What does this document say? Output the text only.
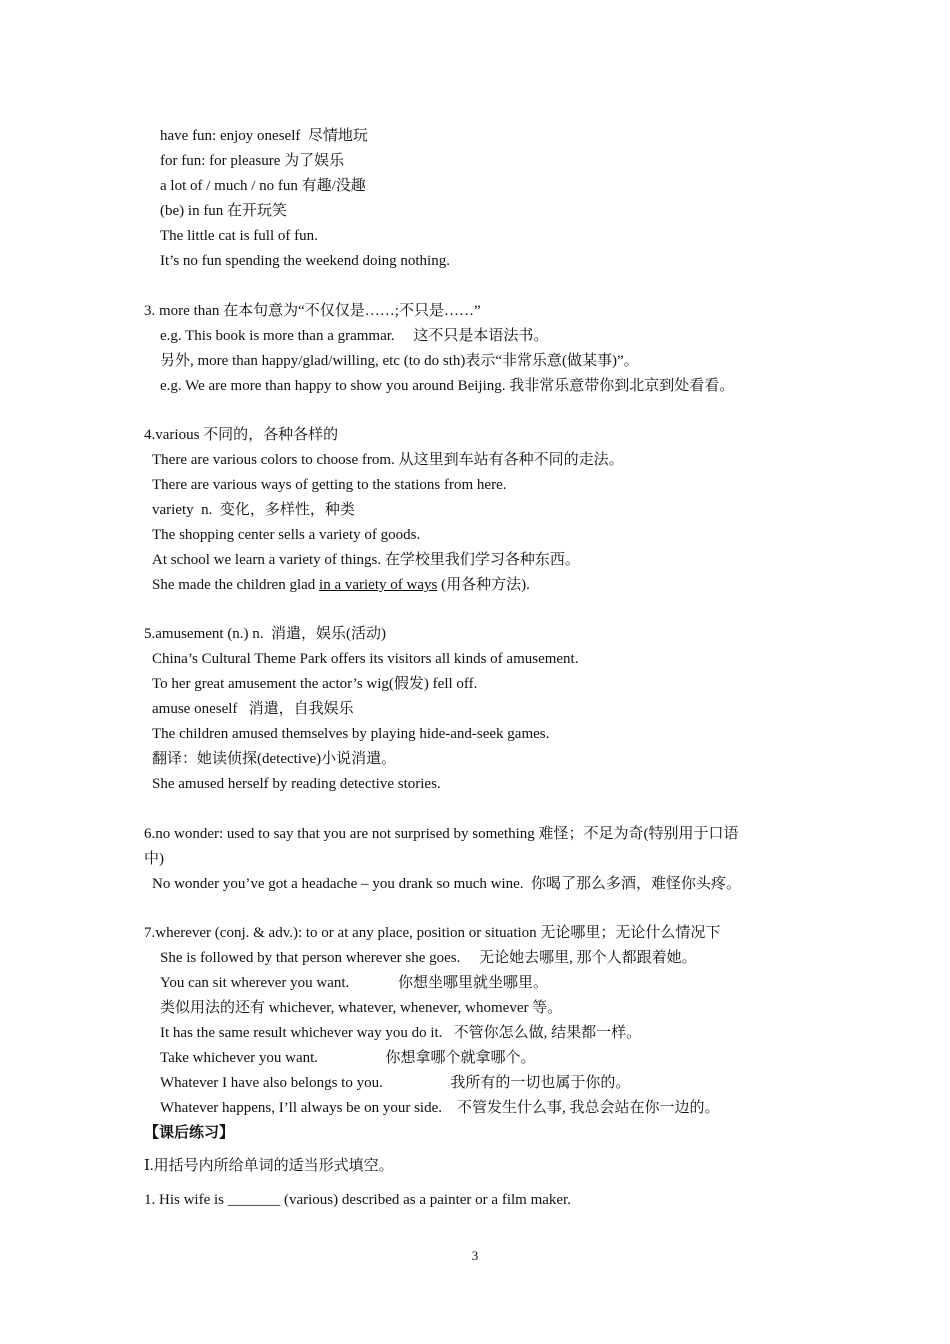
have fun: enjoy oneself  尽情地玩
for fun: for pleasure 为了娱乐
a lot of / much / no fun 有趣/没趣
(be) in fun 在开玩笑
The little cat is full of fun.
It’s no fun spending the weekend doing nothing.
3. more than 在本句意为“不仅仅是……;不只是……”
e.g. This book is more than a grammar.     这不只是本语法书。
另外, more than happy/glad/willing, etc (to do sth)表示“非常乐意(做某事)”。
e.g. We are more than happy to show you around Beijing. 我非常乐意带你到北京到处看看。
4.various 不同的，各种各样的
There are various colors to choose from. 从这里到车站有各种不同的走法。
There are various ways of getting to the stations from here.
variety  n.  变化，多样性，种类
The shopping center sells a variety of goods.
At school we learn a variety of things. 在学校里我们学习各种东西。
She made the children glad in a variety of ways (用各种方法).
5.amusement (n.) n.  消遣，娱乐(活动)
China’s Cultural Theme Park offers its visitors all kinds of amusement.
To her great amusement the actor’s wig(假发) fell off.
amuse oneself   消遣，自我娱乐
The children amused themselves by playing hide-and-seek games.
翻译：她读侦探(detective)小说消遣。
She amused herself by reading detective stories.
6.no wonder: used to say that you are not surprised by something 难怪；不足为奇(特别用于口语
中)
No wonder you’ve got a headache – you drank so much wine.  你喝了那么多酒，难怪你头疼。
7.wherever (conj. & adv.): to or at any place, position or situation 无论哪里；无论什么情况下
She is followed by that person wherever she goes.     无论她去哪里, 那个人都跟着她。
You can sit wherever you want.             你想坐哪里就坐哪里。
类似用法的还有 whichever, whatever, whenever, whomever 等。
It has the same result whichever way you do it.   不管你怎么做, 结果都一样。
Take whichever you want.                  你想拿哪个就拿哪个。
Whatever I have also belongs to you.                  我所有的一切也属于你的。
Whatever happens, I’ll always be on your side.    不管发生什么事, 我总会站在你一边的。
【课后练习】
Ⅰ.用括号内所给单词的适当形式填空。
1. His wife is _______ (various) described as a painter or a film maker.
3
